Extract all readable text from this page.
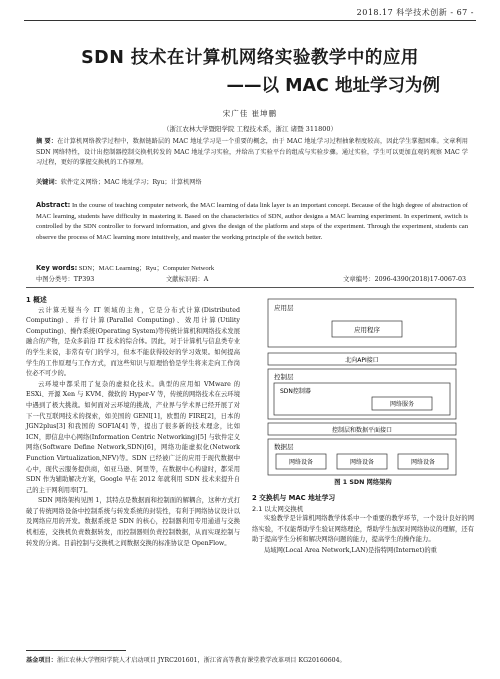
2018.17 科学技术创新 - 67 -
SDN 技术在计算机网络实验教学中的应用
——以 MAC 地址学习为例
宋广佳 崔坤鹏
（浙江农林大学暨阳学院 工程技术系，浙江 诸暨 311800）
摘 要：在计算机网络教学过程中，数据链路层的 MAC 地址学习是一个重要的概念，由于 MAC 地址学习过程抽象程度较高，因此学生掌握困难。文章利用 SDN 网络特性，设计出控制器控制交换机转发的 MAC 地址学习实验，并给出了实验平台的组成与实验步骤。通过实验，学生可以更加直观的观察 MAC 学习过程，更好的掌握交换机的工作原理。
关键词：软件定义网络；MAC 地址学习；Ryu；计算机网络
Abstract: In the course of teaching computer network, the MAC learning of data link layer is an important concept. Because of the high degree of abstraction of MAC learning, students have difficulty in mastering it. Based on the characteristics of SDN, author designs a MAC learning experiment. In experiment, switch is controlled by the SDN controller to forward information, and gives the design of the platform and steps of the experiment. Through the experiment, students can observe the process of MAC learning more intuitively, and master the working principle of the switch better.
Key words: SDN；MAC Learning；Ryu；Computer Network
中图分类号：TP393	文献标识码：A	文章编号：2096-4390(2018)17-0067-03
1 概述

云计算无疑当今 IT 领域的主角，它是分布式计算(Distributed Computing)、并行计算(Parallel Computing)、效用计算(Utility Computing)、操作系统(Operating System)等传统计算机和网络技术发展融合的产物，是众多前沿 IT 技术的综合体。因此，对于计算机与信息类专业的学生来说，非常有专门的学习，但本不能获得较好的学习效果。如何提高学生的工作原理与工作方式，而这些知识与原理恰恰是学生将来走向工作岗位必不可少的。

云环境中都采用了复杂的虚拟化技术。典型的应用如 VMware 的 ESXi、开源 Xen 与 KVM、微软的 Hyper-V 等，传统的网络技术在云环境中遇到了极大挑战。如何面对云环境的挑战，产业界与学术界已经开展了对下一代互联网技术的探索，如美国的 GENI[1]，欧盟的 FIRE[2]，日本的 JGN2plus[3] 和我国的 SOFIA[4] 等，提出了很多新的技术理念，比如 ICN，即信息中心网络(Information Centric Networking)[5] 与软件定义网络(Software Define Network,SDN)[6]，网络功能虚拟化(Network Function Virtualization,NFV)等。SDN 已经被广泛的应用于现代数据中心中，现代云服务提供商，如亚马逊、阿里等，在数据中心构建时，都采用 SDN 作为辅助解决方案，Google 早在 2012 年就利用 SDN 技术来提升自己的主干网利用率[7]。

SDN 网络架构见图 1，其特点是数据面和控制面的解耦合，这种方式打破了传统网络设备中控制系统与转发系统的封装性，有利于网络协议设计以及网络应用的开发。数据系统是 SDN 的核心，控制器利用专用通道与交换机相连，交换机负责数据转发，而控制器则负责控制数据，从而实现控制与转发的分离。目前控制与交换机之间数据交换的标准协议是 OpenFlow。

应用层
应用程序
北向API接口
控制层
SDN控制器
网络服务
控制层和数据平面接口
数据层
网络设备	网络设备	网络设备
图 1 SDN 网络架构
2 交换机与 MAC 地址学习
2.1 以太网交换机

实验教学是计算机网络教学体系中一个重要的教学环节，一个设计良好的网络实验，不仅能帮助学生验证网络理论，帮助学生加深对网络协议的理解，还有助于提高学生分析和解决网络问题的能力，提高学生的操作能力。

局域网(Local Area Network,LAN)是指特网(Internet)的重

基金项目：浙江农林大学暨阳学院人才启动项目 JYRC201601，浙江省高等教育课堂教学改革项目 KG20160604。
